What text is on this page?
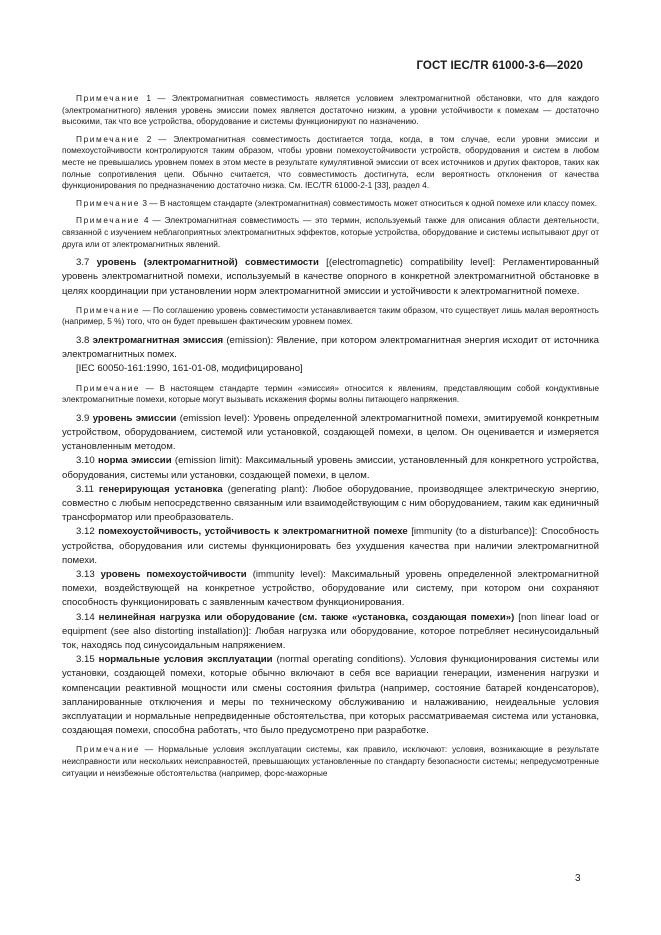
ГОСТ IEC/TR 61000-3-6—2020

Примечание 1 — Электромагнитная совместимость является условием электромагнитной обстановки, что для каждого (электромагнитного) явления уровень эмиссии помех является достаточно низким, а уровни устойчивости к помехам — достаточно высокими, так что все устройства, оборудование и системы функционируют по назначению.

Примечание 2 — Электромагнитная совместимость достигается тогда, когда, в том случае, если уровни эмиссии и помехоустойчивости контролируются таким образом, чтобы уровни помехоустойчивости устройств, оборудования и систем в любом месте не превышались уровнем помех в этом месте в результате кумулятивной эмиссии от всех источников и других факторов, таких как полные сопротивления цепи. Обычно считается, что совместимость достигнута, если вероятность отклонения от качества функционирования по предназначению достаточно низка. См. IEC/TR 61000-2-1 [33], раздел 4.

Примечание 3 — В настоящем стандарте (электромагнитная) совместимость может относиться к одной помехе или классу помех.

Примечание 4 — Электромагнитная совместимость — это термин, используемый также для описания области деятельности, связанной с изучением неблагоприятных электромагнитных эффектов, которые устройства, оборудование и системы испытывают друг от друга или от электромагнитных явлений.

3.7 уровень (электромагнитной) совместимости [(electromagnetic) compatibility level]: Регламентированный уровень электромагнитной помехи, используемый в качестве опорного в конкретной электромагнитной обстановке в целях координации при установлении норм электромагнитной эмиссии и устойчивости к электромагнитной помехе.

Примечание — По соглашению уровень совместимости устанавливается таким образом, что существует лишь малая вероятность (например, 5 %) того, что он будет превышен фактическим уровнем помех.

3.8 электромагнитная эмиссия (emission): Явление, при котором электромагнитная энергия исходит от источника электромагнитных помех.

[IEC 60050-161:1990, 161-01-08, модифицировано]

Примечание — В настоящем стандарте термин «эмиссия» относится к явлениям, представляющим собой кондуктивные электромагнитные помехи, которые могут вызывать искажения формы волны питающего напряжения.

3.9 уровень эмиссии (emission level): Уровень определенной электромагнитной помехи, эмитируемой конкретным устройством, оборудованием, системой или установкой, создающей помехи, в целом. Он оценивается и измеряется установленным методом.

3.10 норма эмиссии (emission limit): Максимальный уровень эмиссии, установленный для конкретного устройства, оборудования, системы или установки, создающей помехи, в целом.

3.11 генерирующая установка (generating plant): Любое оборудование, производящее электрическую энергию, совместно с любым непосредственно связанным или взаимодействующим с ним оборудованием, таким как единичный трансформатор или преобразователь.

3.12 помехоустойчивость, устойчивость к электромагнитной помехе [immunity (to a disturbance)]: Способность устройства, оборудования или системы функционировать без ухудшения качества при наличии электромагнитной помехи.

3.13 уровень помехоустойчивости (immunity level): Максимальный уровень определенной электромагнитной помехи, воздействующей на конкретное устройство, оборудование или систему, при котором они сохраняют способность функционировать с заявленным качеством функционирования.

3.14 нелинейная нагрузка или оборудование (см. также «установка, создающая помехи») [non linear load or equipment (see also distorting installation)]: Любая нагрузка или оборудование, которое потребляет несинусоидальный ток, находясь под синусоидальным напряжением.

3.15 нормальные условия эксплуатации (normal operating conditions). Условия функционирования системы или установки, создающей помехи, которые обычно включают в себя все вариации генерации, изменения нагрузки и компенсации реактивной мощности или смены состояния фильтра (например, состояние батарей конденсаторов), запланированные отключения и меры по техническому обслуживанию и налаживанию, неидеальные условия эксплуатации и нормальные непредвиденные обстоятельства, при которых рассматриваемая система или установка, создающая помехи, способна работать, что было предусмотрено при разработке.

Примечание — Нормальные условия эксплуатации системы, как правило, исключают: условия, возникающие в результате неисправности или нескольких неисправностей, превышающих установленные по стандарту безопасности системы; непредусмотренные ситуации и неизбежные обстоятельства (например, форс-мажорные

3
